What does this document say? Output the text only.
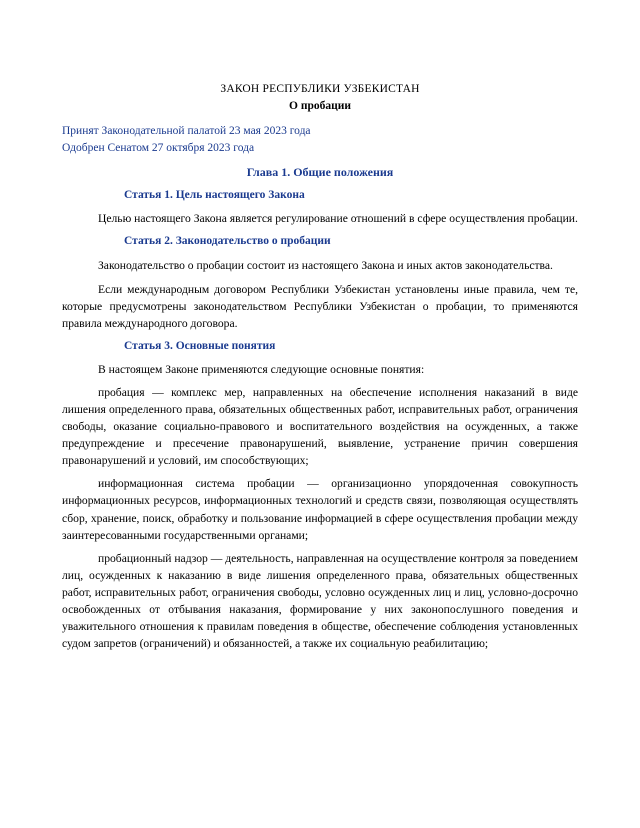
ЗАКОН РЕСПУБЛИКИ УЗБЕКИСТАН
О пробации

Принят Законодательной палатой 23 мая 2023 года

Одобрен Сенатом 27 октября 2023 года

Глава 1. Общие положения
Статья 1. Цель настоящего Закона

Целью настоящего Закона является регулирование отношений в сфере осуществления пробации.

Статья 2. Законодательство о пробации

Законодательство о пробации состоит из настоящего Закона и иных актов законодательства.

Если международным договором Республики Узбекистан установлены иные правила, чем те, которые предусмотрены законодательством Республики Узбекистан о пробации, то применяются правила международного договора.

Статья 3. Основные понятия

В настоящем Законе применяются следующие основные понятия:

пробация — комплекс мер, направленных на обеспечение исполнения наказаний в виде лишения определенного права, обязательных общественных работ, исправительных работ, ограничения свободы, оказание социально-правового и воспитательного воздействия на осужденных, а также предупреждение и пресечение правонарушений, выявление, устранение причин совершения правонарушений и условий, им способствующих;

информационная система пробации — организационно упорядоченная совокупность информационных ресурсов, информационных технологий и средств связи, позволяющая осуществлять сбор, хранение, поиск, обработку и пользование информацией в сфере осуществления пробации между заинтересованными государственными органами;

пробационный надзор — деятельность, направленная на осуществление контроля за поведением лиц, осужденных к наказанию в виде лишения определенного права, обязательных общественных работ, исправительных работ, ограничения свободы, условно осужденных лиц и лиц, условно-досрочно освобожденных от отбывания наказания, формирование у них законопослушного поведения и уважительного отношения к правилам поведения в обществе, обеспечение соблюдения установленных судом запретов (ограничений) и обязанностей, а также их социальную реабилитацию;
